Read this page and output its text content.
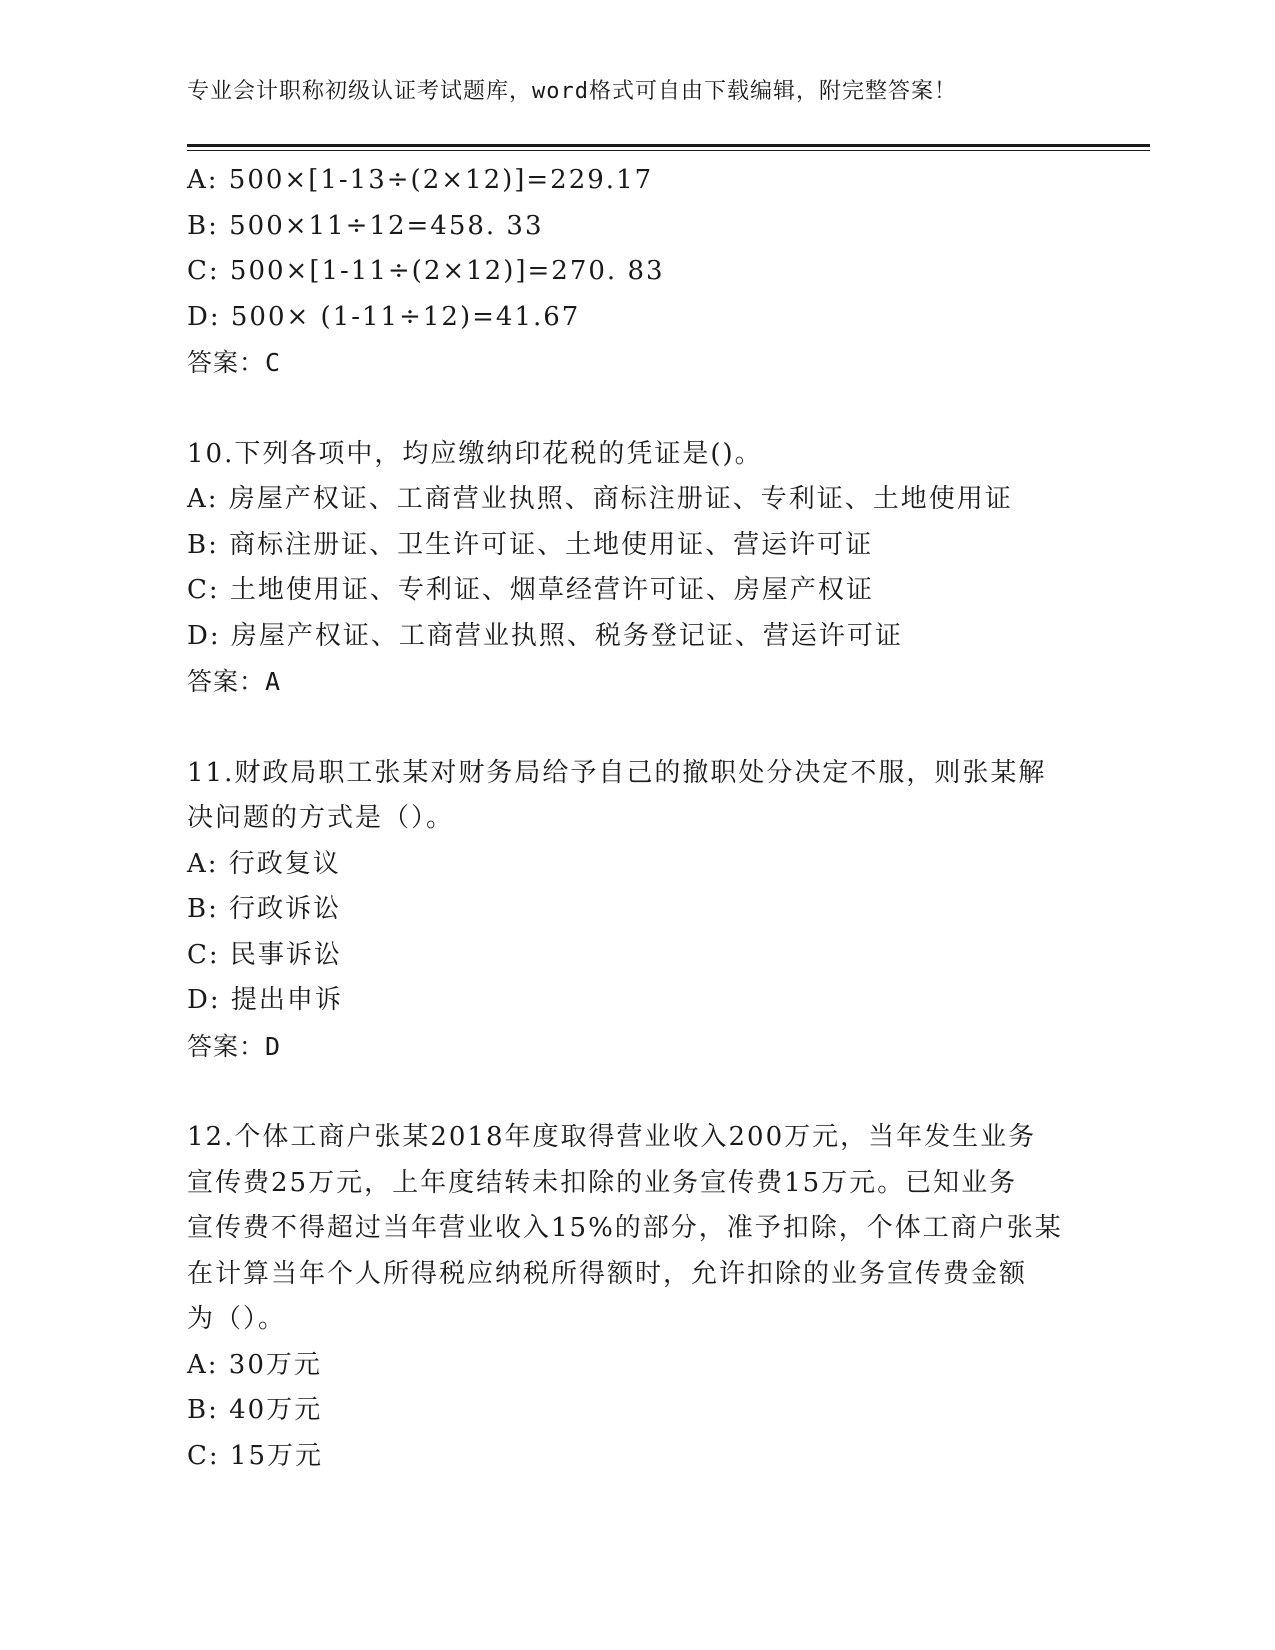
专业会计职称初级认证考试题库，word格式可自由下载编辑，附完整答案！
A: 500×[1-13÷(2×12)]=229.17
B: 500×11÷12=458. 33
C: 500×[1-11÷(2×12)]=270. 83
D: 500× (1-11÷12)=41.67
答案：C
10.下列各项中，均应缴纳印花税的凭证是()。
A: 房屋产权证、工商营业执照、商标注册证、专利证、土地使用证
B: 商标注册证、卫生许可证、土地使用证、营运许可证
C: 土地使用证、专利证、烟草经营许可证、房屋产权证
D: 房屋产权证、工商营业执照、税务登记证、营运许可证
答案：A
11.财政局职工张某对财务局给予自己的撤职处分决定不服，则张某解
决问题的方式是（）。
A: 行政复议
B: 行政诉讼
C: 民事诉讼
D: 提出申诉
答案：D
12.个体工商户张某2018年度取得营业收入200万元，当年发生业务
宣传费25万元，上年度结转未扣除的业务宣传费15万元。已知业务
宣传费不得超过当年营业收入15%的部分，准予扣除，个体工商户张某
在计算当年个人所得税应纳税所得额时，允许扣除的业务宣传费金额
为（）。
A: 30万元
B: 40万元
C: 15万元
